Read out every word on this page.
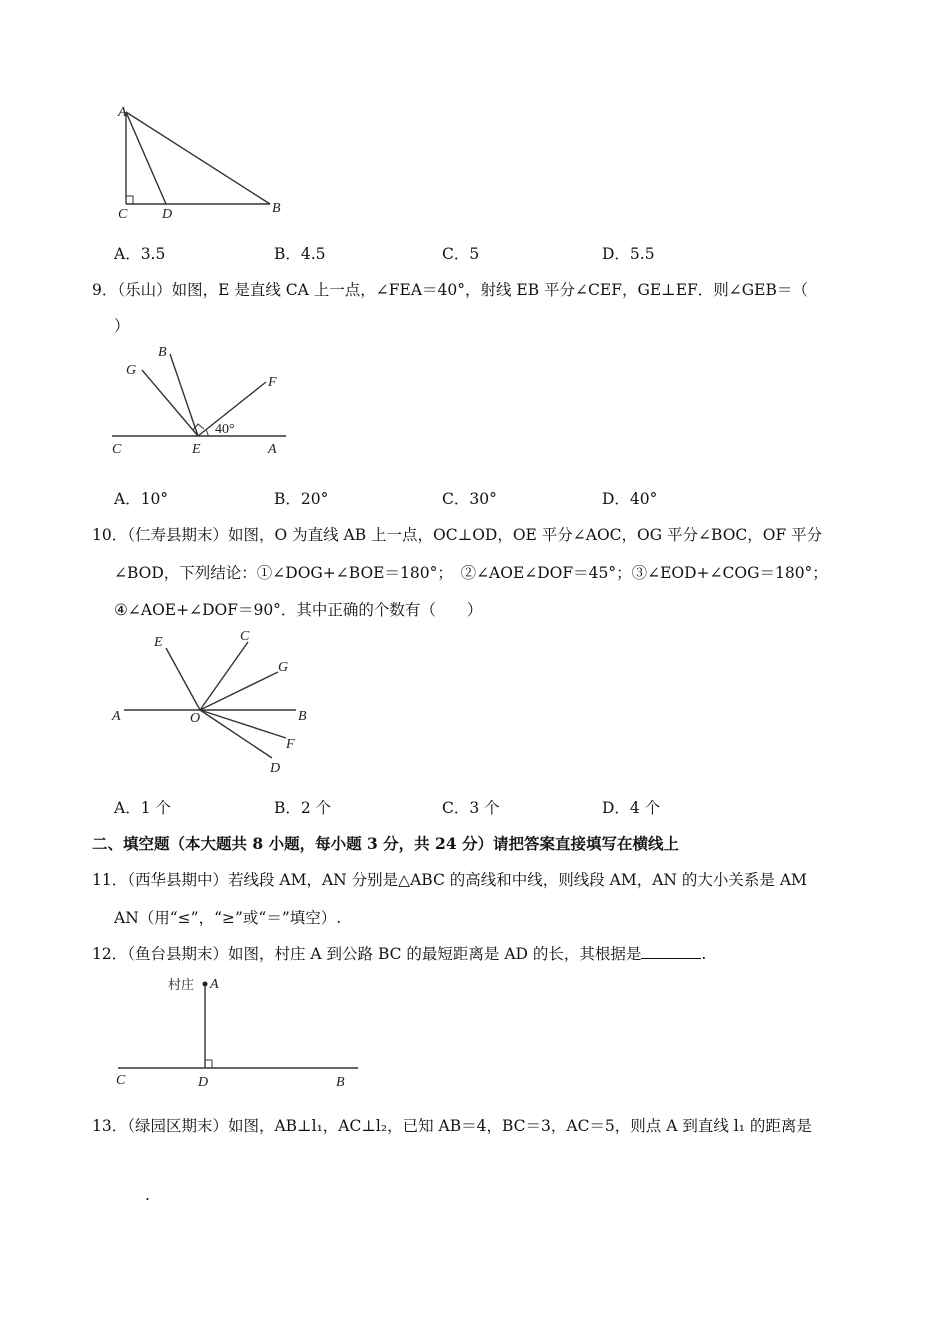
A
C D	B
A．3.5	B．4.5	C．5	D．5.5
9．（乐山）如图，E 是直线 CA 上一点，∠FEA＝40°，射线 EB 平分∠CEF，GE⊥EF．则∠GEB＝（
）
G
B
F
40°
C	E	A
A．10°	B．20°	C．30°	D．40°
10．（仁寿县期末）如图，O 为直线 AB 上一点，OC⊥OD，OE 平分∠AOC，OG 平分∠BOC，OF 平分
∠BOD，下列结论：①∠DOG+∠BOE＝180°；　②∠AOE∠DOF＝45°；③∠EOD+∠COG＝180°；
④∠AOE+∠DOF＝90°．其中正确的个数有（　　）
E	C
G
A	O	B
F
D
A．1 个	B．2 个	C．3 个	D．4 个
二、填空题（本大题共 8 小题，每小题 3 分，共 24 分）请把答案直接填写在横线上
11．（西华县期中）若线段 AM，AN 分别是△ABC 的高线和中线，则线段 AM，AN 的大小关系是 AM
AN（用“≤”，“≥”或“＝”填空）.
12．（鱼台县期末）如图，村庄 A 到公路 BC 的最短距离是 AD 的长，其根据是	.
村庄 A
C	D	B
13．（绿园区期末）如图，AB⊥l₁，AC⊥l₂，已知 AB＝4，BC＝3，AC＝5，则点 A 到直线 l₁ 的距离是
.
